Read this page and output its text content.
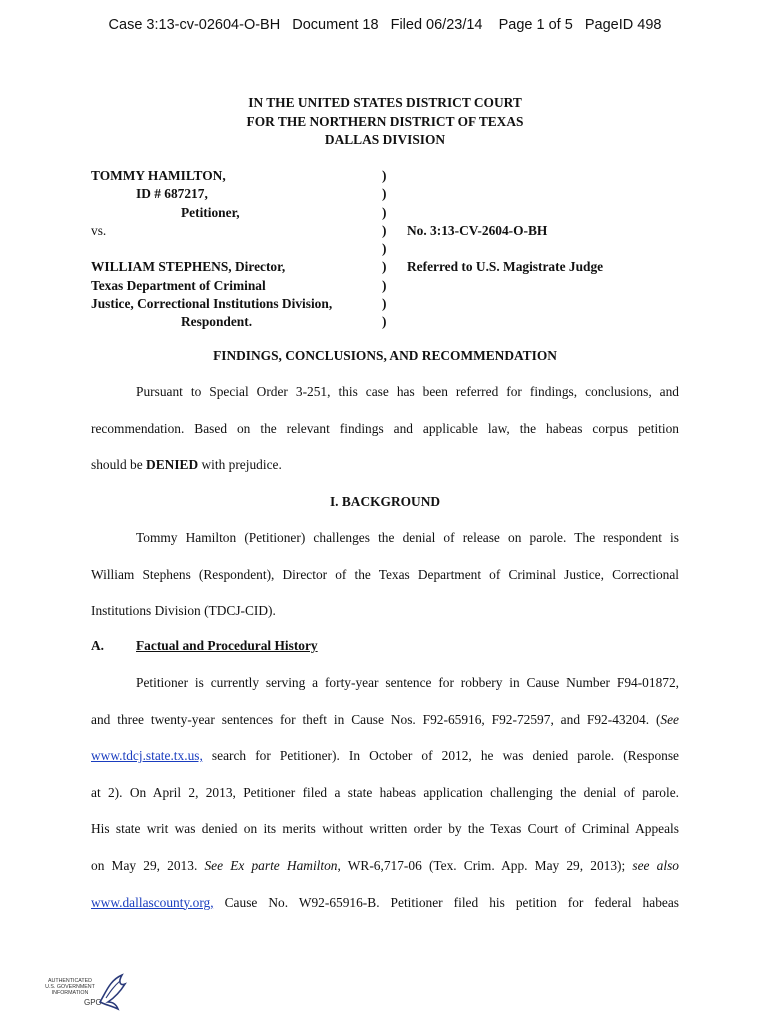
Case 3:13-cv-02604-O-BH   Document 18   Filed 06/23/14    Page 1 of 5   PageID 498
IN THE UNITED STATES DISTRICT COURT
FOR THE NORTHERN DISTRICT OF TEXAS
DALLAS DIVISION
TOMMY HAMILTON,	)
ID # 687217,	)
Petitioner,	)
vs.	) No. 3:13-CV-2604-O-BH
)
WILLIAM STEPHENS, Director,	) Referred to U.S. Magistrate Judge
Texas Department of Criminal	)
Justice, Correctional Institutions Division,	)
Respondent.	)
FINDINGS, CONCLUSIONS, AND RECOMMENDATION
Pursuant to Special Order 3-251, this case has been referred for findings, conclusions, and
recommendation. Based on the relevant findings and applicable law, the habeas corpus petition
should be DENIED with prejudice.
I. BACKGROUND
Tommy Hamilton (Petitioner) challenges the denial of release on parole. The respondent is
William Stephens (Respondent), Director of the Texas Department of Criminal Justice, Correctional
Institutions Division (TDCJ-CID).
A. Factual and Procedural History
Petitioner is currently serving a forty-year sentence for robbery in Cause Number F94-01872,
and three twenty-year sentences for theft in Cause Nos. F92-65916, F92-72597, and F92-43204. (See
www.tdcj.state.tx.us, search for Petitioner). In October of 2012, he was denied parole. (Response
at 2). On April 2, 2013, Petitioner filed a state habeas application challenging the denial of parole.
His state writ was denied on its merits without written order by the Texas Court of Criminal Appeals
on May 29, 2013. See Ex parte Hamilton, WR-6,717-06 (Tex. Crim. App. May 29, 2013); see also
www.dallascounty.org, Cause No. W92-65916-B. Petitioner filed his petition for federal habeas
AUTHENTICATED
U.S. GOVERNMENT
INFORMATION
GPO
